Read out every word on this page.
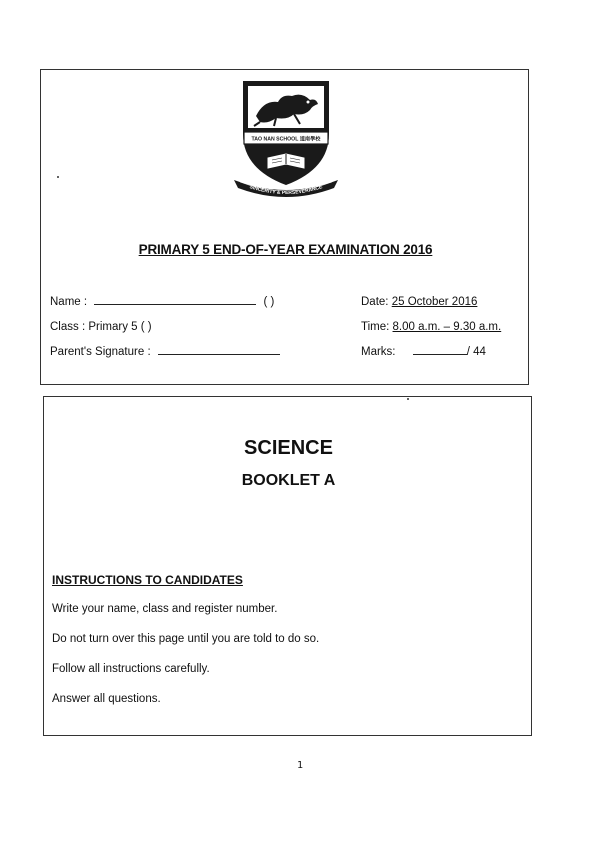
TAO NAN SCHOOL 道南學校
SINCERITY & PERSEVERANCE
PRIMARY 5 END-OF-YEAR EXAMINATION 2016
Name :	( )
Class : Primary 5 ( )
Parent's Signature :
Date: 25 October 2016
Time: 8.00 a.m. – 9.30 a.m.
Marks:	/ 44
SCIENCE
BOOKLET A
INSTRUCTIONS TO CANDIDATES
Write your name, class and register number.
Do not turn over this page until you are told to do so.
Follow all instructions carefully.
Answer all questions.
1
